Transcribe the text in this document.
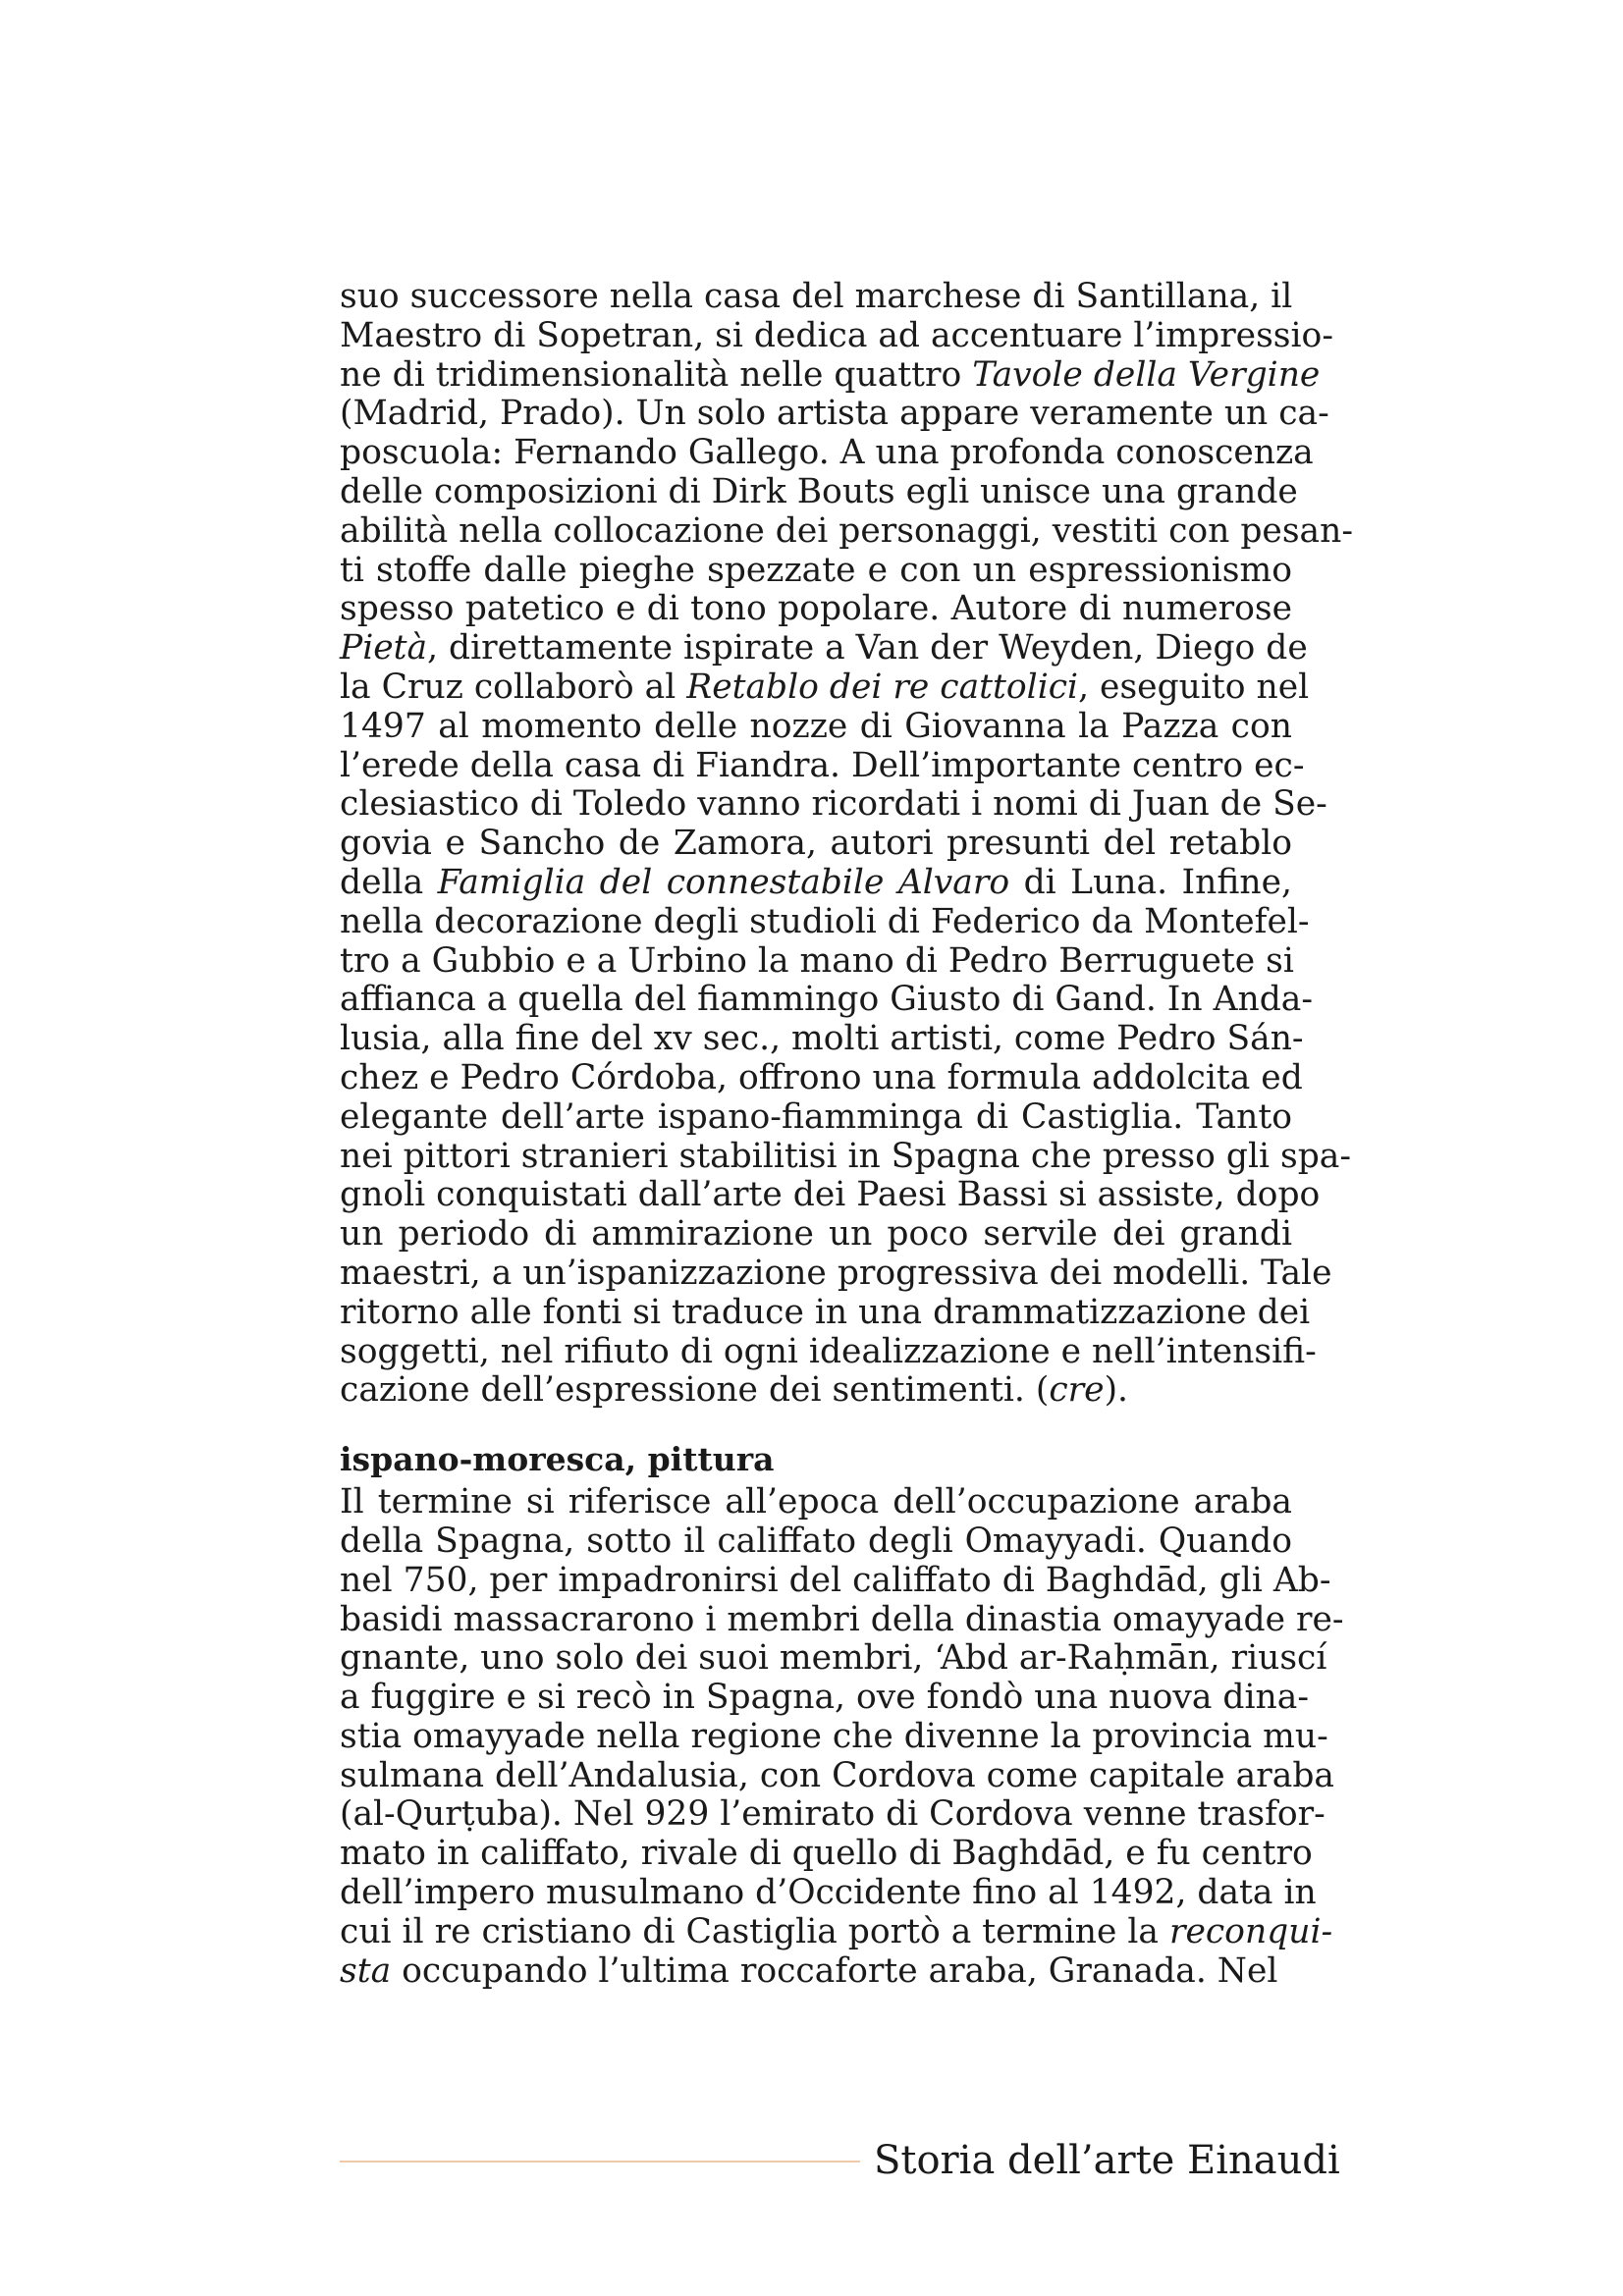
suo successore nella casa del marchese di Santillana, il
Maestro di Sopetran, si dedica ad accentuare l’impressio-
ne di tridimensionalità nelle quattro Tavole della Vergine
(Madrid, Prado). Un solo artista appare veramente un ca-
poscuola: Fernando Gallego. A una profonda conoscenza
delle composizioni di Dirk Bouts egli unisce una grande
abilità nella collocazione dei personaggi, vestiti con pesan-
ti stoffe dalle pieghe spezzate e con un espressionismo
spesso patetico e di tono popolare. Autore di numerose
Pietà, direttamente ispirate a Van der Weyden, Diego de
la Cruz collaborò al Retablo dei re cattolici, eseguito nel
1497 al momento delle nozze di Giovanna la Pazza con
l’erede della casa di Fiandra. Dell’importante centro ec-
clesiastico di Toledo vanno ricordati i nomi di Juan de Se-
govia e Sancho de Zamora, autori presunti del retablo
della Famiglia del connestabile Alvaro di Luna. Infine,
nella decorazione degli studioli di Federico da Montefel-
tro a Gubbio e a Urbino la mano di Pedro Berruguete si
affianca a quella del fiammingo Giusto di Gand. In Anda-
lusia, alla fine del xv sec., molti artisti, come Pedro Sán-
chez e Pedro Córdoba, offrono una formula addolcita ed
elegante dell’arte ispano-fiamminga di Castiglia. Tanto
nei pittori stranieri stabilitisi in Spagna che presso gli spa-
gnoli conquistati dall’arte dei Paesi Bassi si assiste, dopo
un periodo di ammirazione un poco servile dei grandi
maestri, a un’ispanizzazione progressiva dei modelli. Tale
ritorno alle fonti si traduce in una drammatizzazione dei
soggetti, nel rifiuto di ogni idealizzazione e nell’intensifi-
cazione dell’espressione dei sentimenti. (cre).
ispano-moresca, pittura
Il termine si riferisce all’epoca dell’occupazione araba
della Spagna, sotto il califfato degli Omayyadi. Quando
nel 750, per impadronirsi del califfato di Baghdād, gli Ab-
basidi massacrarono i membri della dinastia omayyade re-
gnante, uno solo dei suoi membri, ‘Abd ar-Raḥmān, riuscí
a fuggire e si recò in Spagna, ove fondò una nuova dina-
stia omayyade nella regione che divenne la provincia mu-
sulmana dell’Andalusia, con Cordova come capitale araba
(al-Qurṭuba). Nel 929 l’emirato di Cordova venne trasfor-
mato in califfato, rivale di quello di Baghdād, e fu centro
dell’impero musulmano d’Occidente fino al 1492, data in
cui il re cristiano di Castiglia portò a termine la reconqui-
sta occupando l’ultima roccaforte araba, Granada. Nel
Storia dell’arte Einaudi
